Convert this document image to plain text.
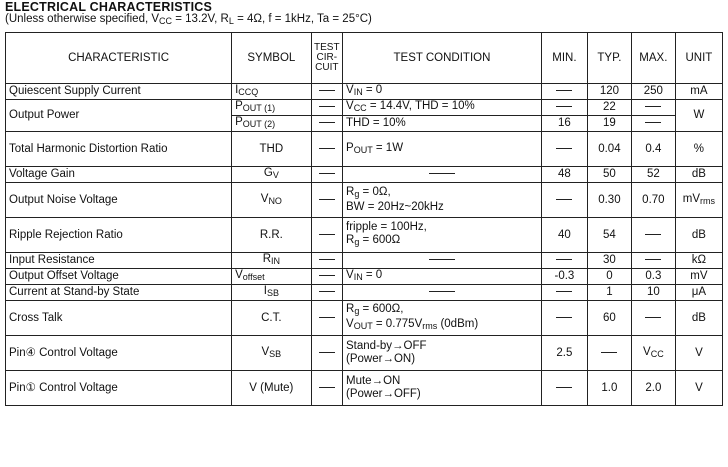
ELECTRICAL CHARACTERISTICS
(Unless otherwise specified, $V_{CC} = 13.2V$, $R_L = 4\Omega$, f = 1kHz, Ta = 25°C)
CHARACTERISTIC	SYMBOL	TEST
CIR-
CUIT	TEST CONDITION	MIN.	TYP.	MAX.	UNIT
Quiescent Supply Current	$I_{CCQ}$		$V_{IN} = 0$		120	250	mA
Output Power	$P_{OUT (1)}$		$V_{CC} = 14.4V$, THD = 10%		22		W
	$P_{OUT (2)}$		THD = 10%	16	19		
Total Harmonic Distortion Ratio	THD		$P_{OUT} = 1W$		0.04	0.4	%
Voltage Gain	$G_V$			48	50	52	dB
Output Noise Voltage	$V_{NO}$		$R_g = 0\Omega$,
BW = 20Hz~20kHz		0.30	0.70	$mV_{rms}$
Ripple Rejection Ratio	R.R.		fripple = 100Hz,
$R_g = 600\Omega$	40	54		dB
Input Resistance	$R_{IN}$				30		kΩ
Output Offset Voltage	$V_{offset}$		$V_{IN} = 0$	-0.3	0	0.3	mV
Current at Stand-by State	$I_{SB}$				1	10	μA
Cross Talk	C.T.		$R_g = 600\Omega$,
$V_{OUT} = 0.775V_{rms}$ (0dBm)		60		dB
Pin④ Control Voltage	$V_{SB}$		Stand-by→OFF
(Power→ON)	2.5		$V_{CC}$	V
Pin① Control Voltage	V (Mute)		Mute→ON
(Power→OFF)		1.0	2.0	V
